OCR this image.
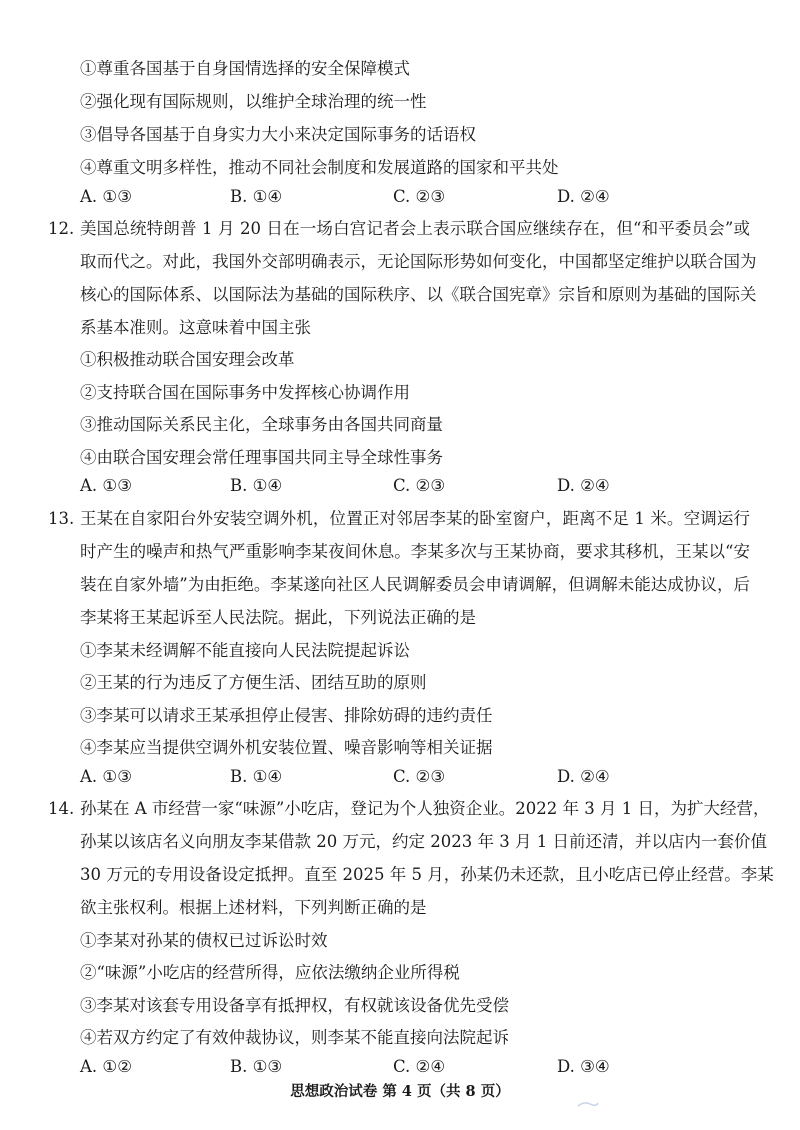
①尊重各国基于自身国情选择的安全保障模式
②强化现有国际规则，以维护全球治理的统一性
③倡导各国基于自身实力大小来决定国际事务的话语权
④尊重文明多样性，推动不同社会制度和发展道路的国家和平共处
A. ①③	B. ①④	C. ②③	D. ②④
12. 美国总统特朗普 1 月 20 日在一场白宫记者会上表示联合国应继续存在，但“和平委员会”或
取而代之。对此，我国外交部明确表示，无论国际形势如何变化，中国都坚定维护以联合国为
核心的国际体系、以国际法为基础的国际秩序、以《联合国宪章》宗旨和原则为基础的国际关
系基本准则。这意味着中国主张
①积极推动联合国安理会改革
②支持联合国在国际事务中发挥核心协调作用
③推动国际关系民主化，全球事务由各国共同商量
④由联合国安理会常任理事国共同主导全球性事务
A. ①③	B. ①④	C. ②③	D. ②④
13. 王某在自家阳台外安装空调外机，位置正对邻居李某的卧室窗户，距离不足 1 米。空调运行
时产生的噪声和热气严重影响李某夜间休息。李某多次与王某协商，要求其移机，王某以“安
装在自家外墙”为由拒绝。李某遂向社区人民调解委员会申请调解，但调解未能达成协议，后
李某将王某起诉至人民法院。据此，下列说法正确的是
①李某未经调解不能直接向人民法院提起诉讼
②王某的行为违反了方便生活、团结互助的原则
③李某可以请求王某承担停止侵害、排除妨碍的违约责任
④李某应当提供空调外机安装位置、噪音影响等相关证据
A. ①③	B. ①④	C. ②③	D. ②④
14. 孙某在 A 市经营一家“味源”小吃店，登记为个人独资企业。2022 年 3 月 1 日，为扩大经营，
孙某以该店名义向朋友李某借款 20 万元，约定 2023 年 3 月 1 日前还清，并以店内一套价值
30 万元的专用设备设定抵押。直至 2025 年 5 月，孙某仍未还款，且小吃店已停止经营。李某
欲主张权利。根据上述材料，下列判断正确的是
①李某对孙某的债权已过诉讼时效
②“味源”小吃店的经营所得，应依法缴纳企业所得税
③李某对该套专用设备享有抵押权，有权就该设备优先受偿
④若双方约定了有效仲裁协议，则李某不能直接向法院起诉
A. ①②	B. ①③	C. ②④	D. ③④
思想政治试卷 第 4 页（共 8 页）
